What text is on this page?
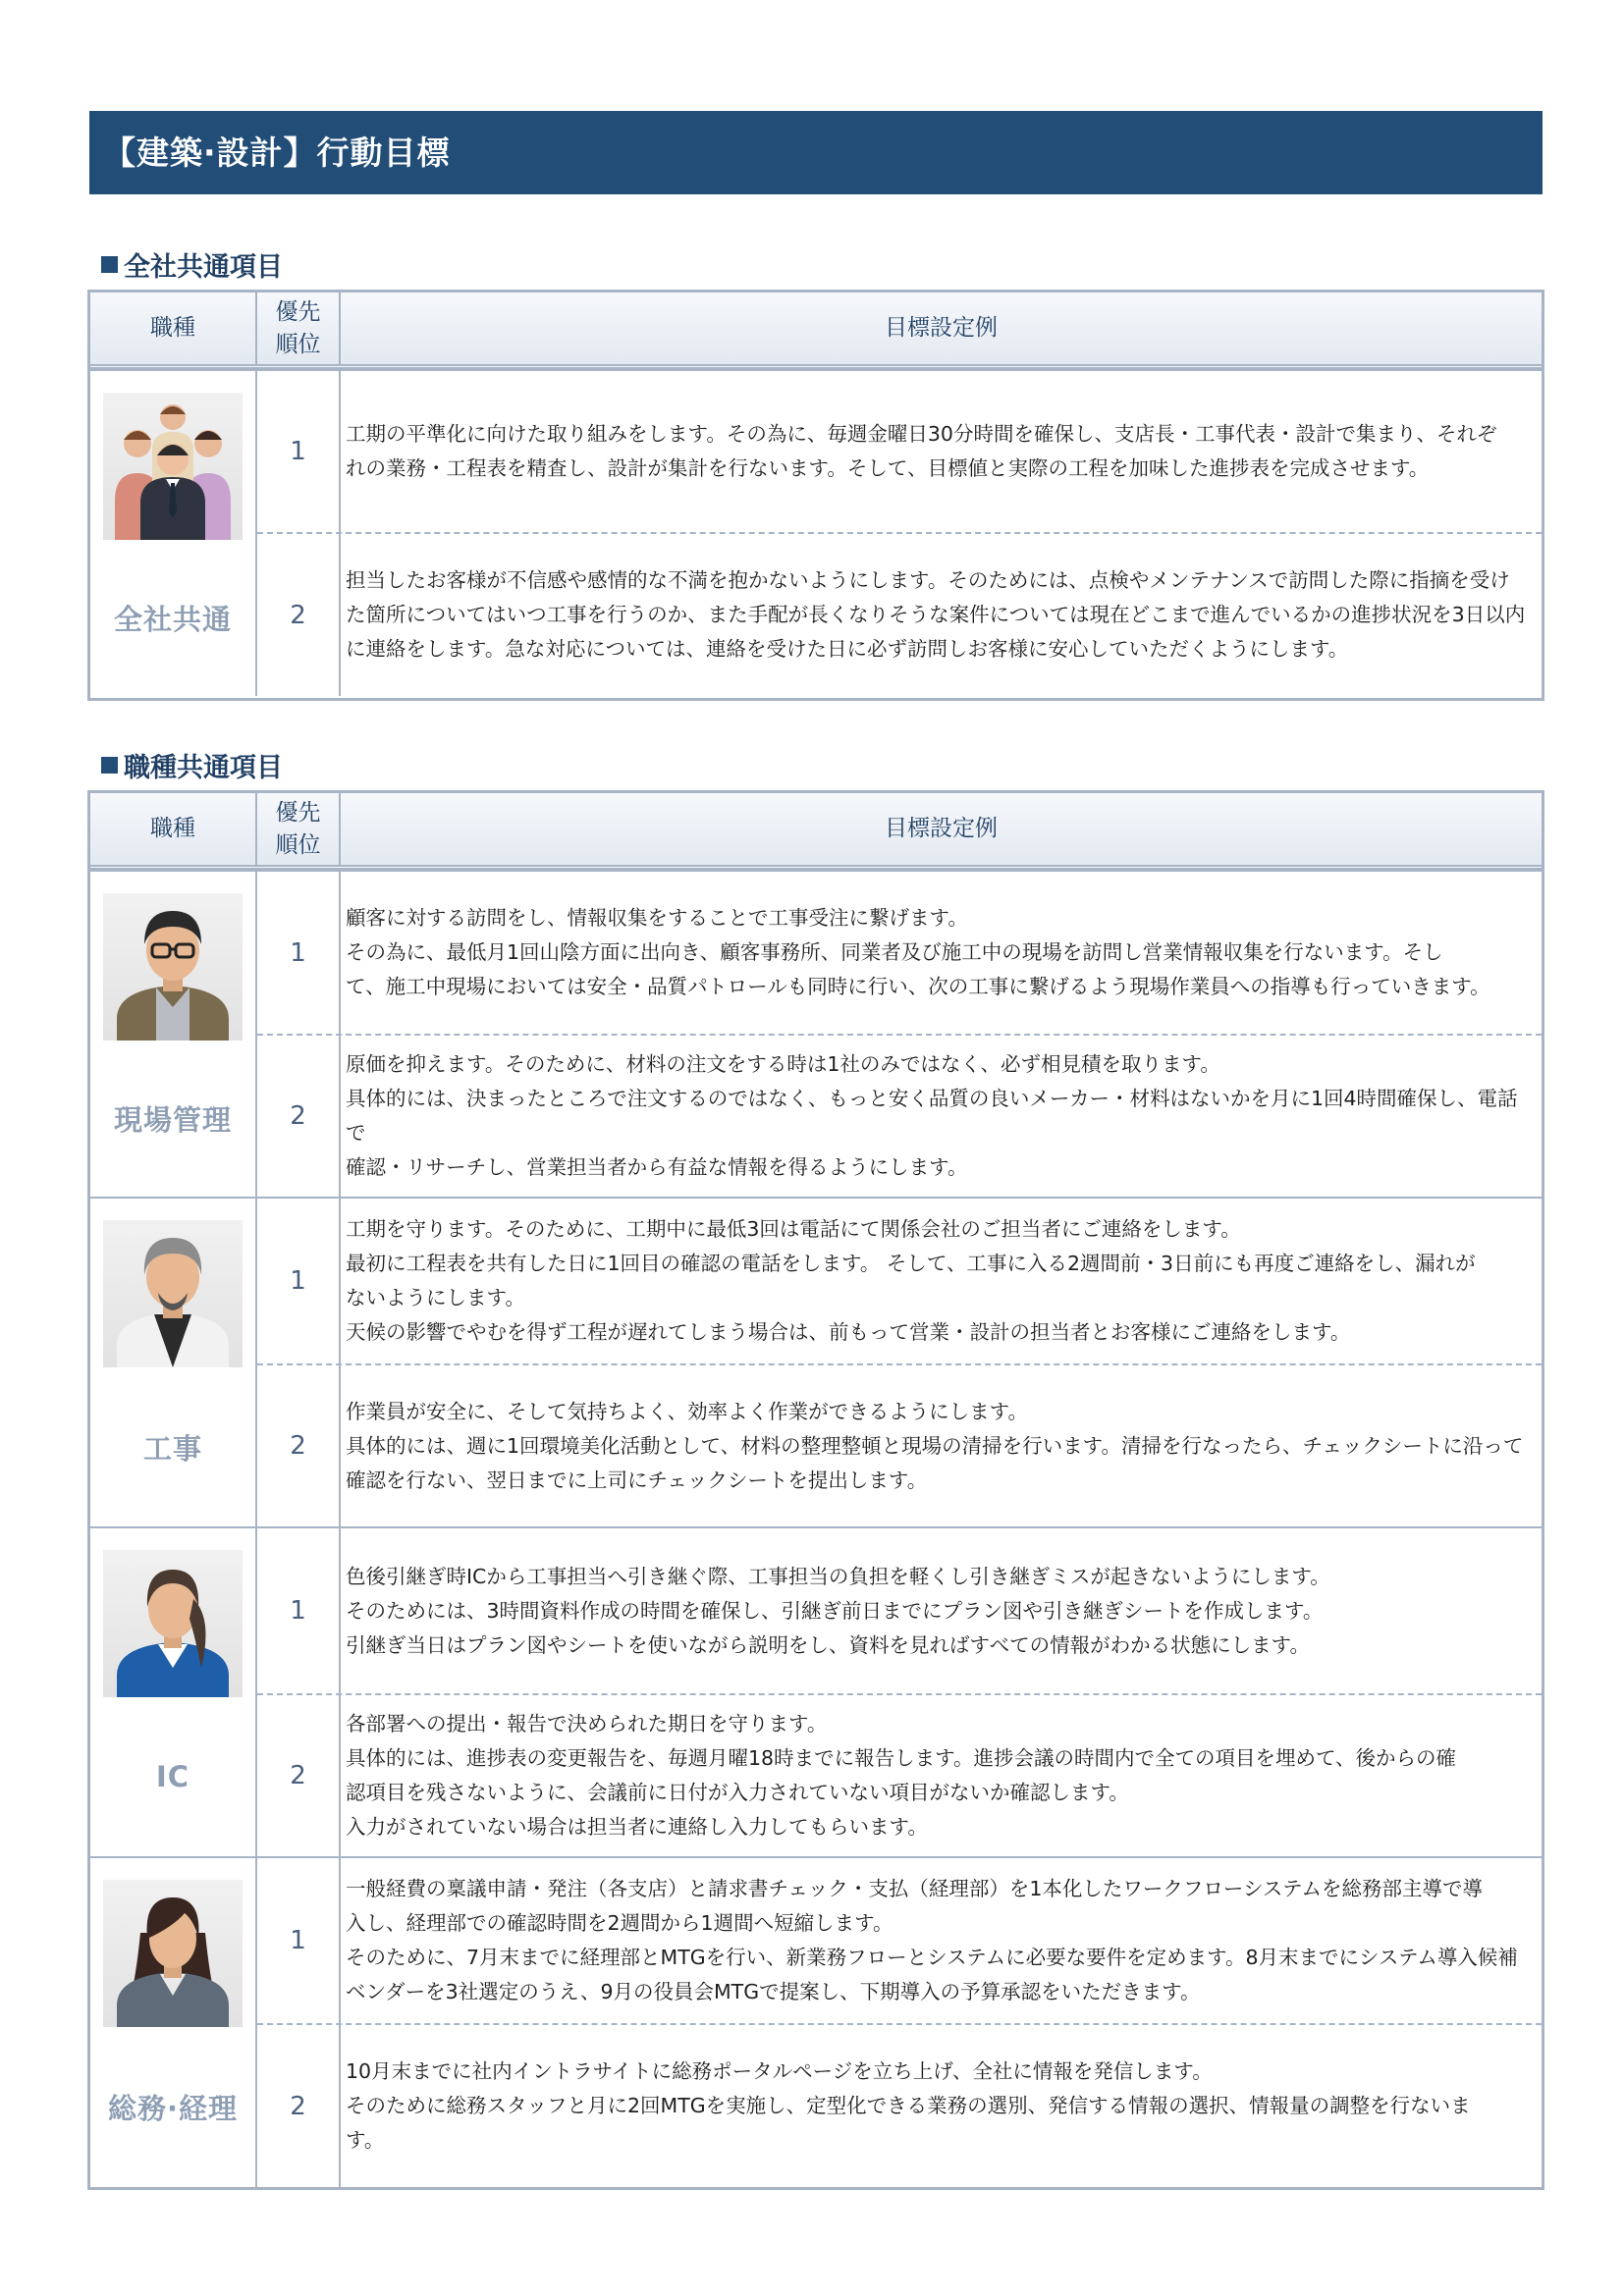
【建築·設計】行動目標
全社共通項目
職種
優先
順位
目標設定例
全社共通
1
工期の平準化に向けた取り組みをします。その為に、毎週金曜日30分時間を確保し、支店長・工事代表・設計で集まり、それぞ
れの業務・工程表を精査し、設計が集計を行ないます。そして、目標値と実際の工程を加味した進捗表を完成させます。
2
担当したお客様が不信感や感情的な不満を抱かないようにします。そのためには、点検やメンテナンスで訪問した際に指摘を受け
た箇所についてはいつ工事を行うのか、また手配が長くなりそうな案件については現在どこまで進んでいるかの進捗状況を3日以内
に連絡をします。急な対応については、連絡を受けた日に必ず訪問しお客様に安心していただくようにします。
職種共通項目
職種
優先
順位
目標設定例
現場管理
1
顧客に対する訪問をし、情報収集をすることで工事受注に繋げます。
その為に、最低月1回山陰方面に出向き、顧客事務所、同業者及び施工中の現場を訪問し営業情報収集を行ないます。そし
て、施工中現場においては安全・品質パトロールも同時に行い、次の工事に繋げるよう現場作業員への指導も行っていきます。
2
原価を抑えます。そのために、材料の注文をする時は1社のみではなく、必ず相見積を取ります。
具体的には、決まったところで注文するのではなく、もっと安く品質の良いメーカー・材料はないかを月に1回4時間確保し、電話で
確認・リサーチし、営業担当者から有益な情報を得るようにします。
工事
1
工期を守ります。そのために、工期中に最低3回は電話にて関係会社のご担当者にご連絡をします。
最初に工程表を共有した日に1回目の確認の電話をします。 そして、工事に入る2週間前・3日前にも再度ご連絡をし、漏れが
ないようにします。
天候の影響でやむを得ず工程が遅れてしまう場合は、前もって営業・設計の担当者とお客様にご連絡をします。
2
作業員が安全に、そして気持ちよく、効率よく作業ができるようにします。
具体的には、週に1回環境美化活動として、材料の整理整頓と現場の清掃を行います。清掃を行なったら、チェックシートに沿って
確認を行ない、翌日までに上司にチェックシートを提出します。
IC
1
色後引継ぎ時ICから工事担当へ引き継ぐ際、工事担当の負担を軽くし引き継ぎミスが起きないようにします。
そのためには、3時間資料作成の時間を確保し、引継ぎ前日までにプラン図や引き継ぎシートを作成します。
引継ぎ当日はプラン図やシートを使いながら説明をし、資料を見ればすべての情報がわかる状態にします。
2
各部署への提出・報告で決められた期日を守ります。
具体的には、進捗表の変更報告を、毎週月曜18時までに報告します。進捗会議の時間内で全ての項目を埋めて、後からの確
認項目を残さないように、会議前に日付が入力されていない項目がないか確認します。
入力がされていない場合は担当者に連絡し入力してもらいます。
総務·経理
1
一般経費の稟議申請・発注（各支店）と請求書チェック・支払（経理部）を1本化したワークフローシステムを総務部主導で導
入し、経理部での確認時間を2週間から1週間へ短縮します。
そのために、7月末までに経理部とMTGを行い、新業務フローとシステムに必要な要件を定めます。8月末までにシステム導入候補
ベンダーを3社選定のうえ、9月の役員会MTGで提案し、下期導入の予算承認をいただきます。
2
10月末までに社内イントラサイトに総務ポータルページを立ち上げ、全社に情報を発信します。
そのために総務スタッフと月に2回MTGを実施し、定型化できる業務の選別、発信する情報の選択、情報量の調整を行ないま
す。
